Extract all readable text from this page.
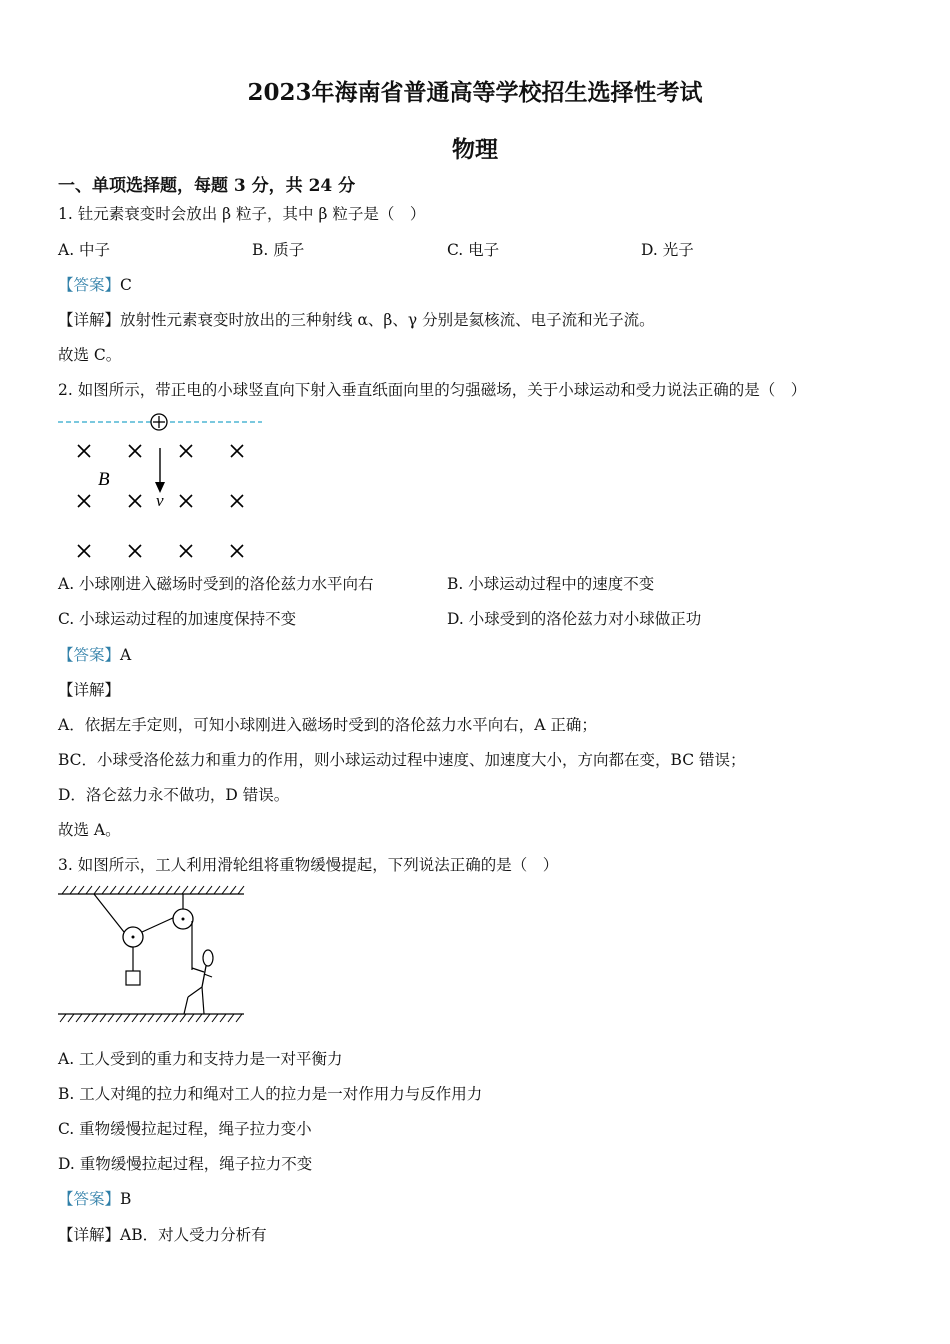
2023年海南省普通高等学校招生选择性考试
物理
一、单项选择题，每题 3 分，共 24 分
1. 钍元素衰变时会放出 β 粒子，其中 β 粒子是（　）
A. 中子	B. 质子	C. 电子	D. 光子
【答案】C
【详解】放射性元素衰变时放出的三种射线 α、β、γ 分别是氦核流、电子流和光子流。
故选 C。
2. 如图所示，带正电的小球竖直向下射入垂直纸面向里的匀强磁场，关于小球运动和受力说法正确的是（　）
B
v
A. 小球刚进入磁场时受到的洛伦兹力水平向右	B. 小球运动过程中的速度不变
C. 小球运动过程的加速度保持不变	D. 小球受到的洛伦兹力对小球做正功
【答案】A
【详解】
A．依据左手定则，可知小球刚进入磁场时受到的洛伦兹力水平向右，A 正确；
BC．小球受洛伦兹力和重力的作用，则小球运动过程中速度、加速度大小，方向都在变，BC 错误；
D．洛仑兹力永不做功，D 错误。
故选 A。
3. 如图所示，工人利用滑轮组将重物缓慢提起，下列说法正确的是（　）
A. 工人受到的重力和支持力是一对平衡力
B. 工人对绳的拉力和绳对工人的拉力是一对作用力与反作用力
C. 重物缓慢拉起过程，绳子拉力变小
D. 重物缓慢拉起过程，绳子拉力不变
【答案】B
【详解】AB．对人受力分析有
